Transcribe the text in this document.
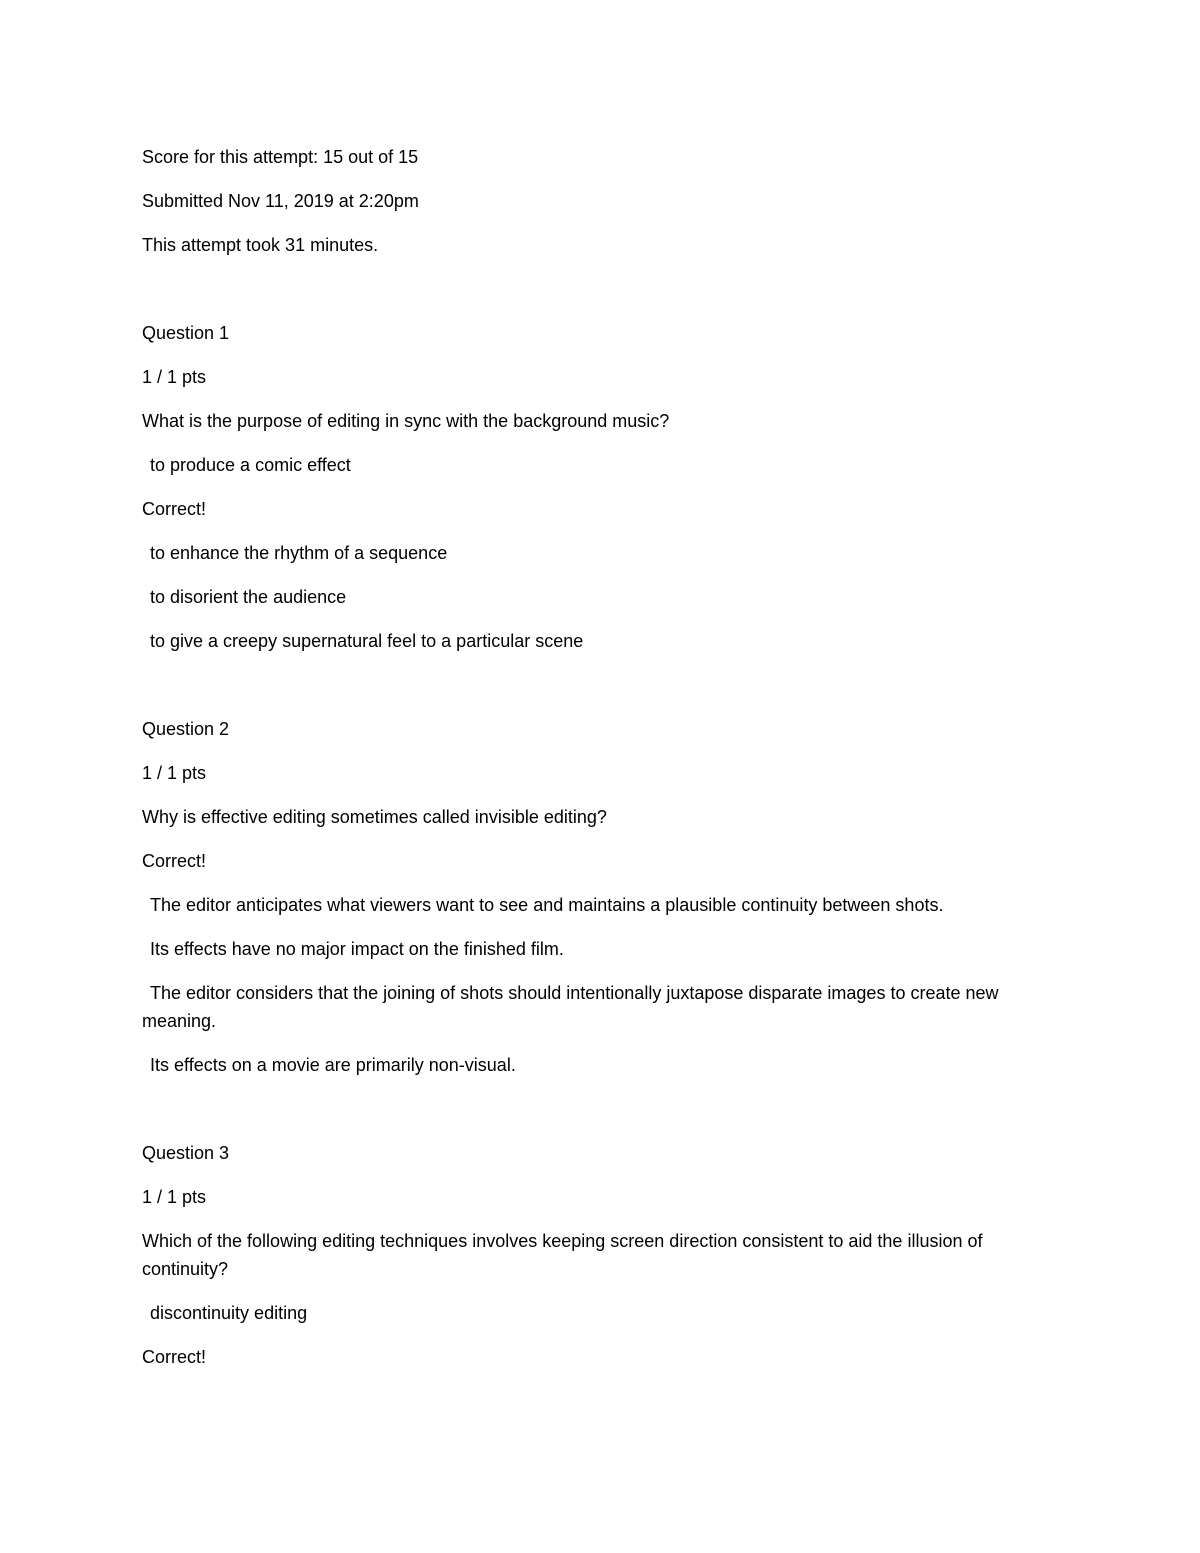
Score for this attempt: 15 out of 15
Submitted Nov 11, 2019 at 2:20pm
This attempt took 31 minutes.
Question 1
1 / 1 pts
What is the purpose of editing in sync with the background music?
to produce a comic effect
Correct!
to enhance the rhythm of a sequence
to disorient the audience
to give a creepy supernatural feel to a particular scene
Question 2
1 / 1 pts
Why is effective editing sometimes called invisible editing?
Correct!
The editor anticipates what viewers want to see and maintains a plausible continuity between shots.
Its effects have no major impact on the finished film.
The editor considers that the joining of shots should intentionally juxtapose disparate images to create new meaning.
Its effects on a movie are primarily non-visual.
Question 3
1 / 1 pts
Which of the following editing techniques involves keeping screen direction consistent to aid the illusion of continuity?
discontinuity editing
Correct!
